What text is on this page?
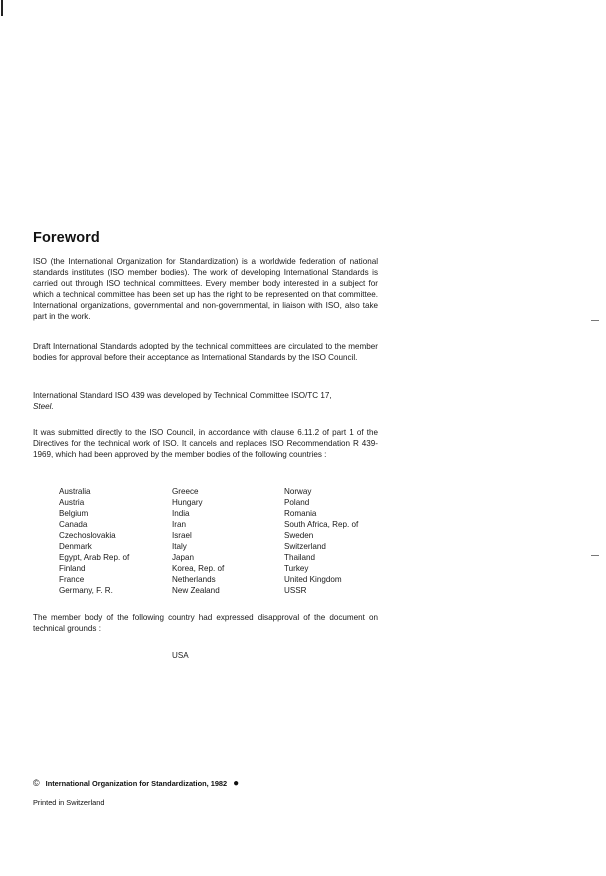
Foreword

ISO (the International Organization for Standardization) is a worldwide federation of national standards institutes (ISO member bodies). The work of developing International Standards is carried out through ISO technical committees. Every member body interested in a subject for which a technical committee has been set up has the right to be represented on that committee. International organizations, governmental and non-governmental, in liaison with ISO, also take part in the work.

Draft International Standards adopted by the technical committees are circulated to the member bodies for approval before their acceptance as International Standards by the ISO Council.

International Standard ISO 439 was developed by Technical Committee ISO/TC 17,
Steel.

It was submitted directly to the ISO Council, in accordance with clause 6.11.2 of part 1 of the Directives for the technical work of ISO. It cancels and replaces ISO Recommendation R 439-1969, which had been approved by the member bodies of the following countries :

Australia
Austria
Belgium
Canada
Czechoslovakia
Denmark
Egypt, Arab Rep. of
Finland
France
Germany, F. R.
Greece
Hungary
India
Iran
Israel
Italy
Japan
Korea, Rep. of
Netherlands
New Zealand
Norway
Poland
Romania
South Africa, Rep. of
Sweden
Switzerland
Thailand
Turkey
United Kingdom
USSR

The member body of the following country had expressed disapproval of the document on technical grounds :

USA
© International Organization for Standardization, 1982 ●
Printed in Switzerland
